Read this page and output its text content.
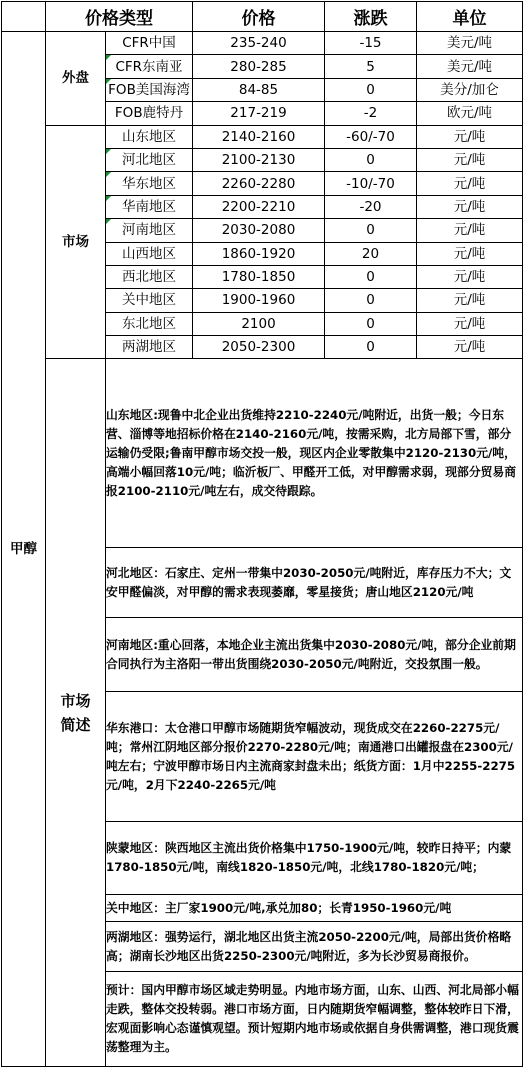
	价格类型		价格	涨跌	单位
甲醇	外盘	CFR中国	235-240	-15	美元/吨

CFR东南亚	280-285	5	美元/吨

FOB美国海湾	84-85	0	美分/加仑
		FOB鹿特丹	217-219	-2	欧元/吨
	市场	山东地区	2140-2160	-60/-70	元/吨

河北地区	2100-2130	0	元/吨

华东地区	2260-2280	-10/-70	元/吨

华南地区	2200-2210	-20	元/吨

河南地区	2030-2080	0	元/吨
		山西地区	1860-1920	20	元/吨
		西北地区	1780-1850	0	元/吨
		关中地区	1900-1960	0	元/吨
		东北地区	2100	0	元/吨
		两湖地区	2050-2300	0	元/吨
	市场简述	山东地区:现鲁中北企业出货维持2210-2240元/吨附近，出货一般；今日东营、淄博等地招标价格在2140-2160元/吨，按需采购，北方局部下雪，部分运输仍受限;鲁南甲醇市场交投一般，现区内企业零散集中2120-2130元/吨，高端小幅回落10元/吨；临沂板厂、甲醛开工低，对甲醇需求弱，现部分贸易商报2100-2110元/吨左右，成交待跟踪。			
		河北地区：石家庄、定州一带集中2030-2050元/吨附近，库存压力不大；文安甲醛偏淡，对甲醇的需求表现萎靡，零星接货；唐山地区2120元/吨			
		河南地区:重心回落，本地企业主流出货集中2030-2080元/吨，部分企业前期合同执行为主洛阳一带出货围绕2030-2050元/吨附近，交投氛围一般。			
		华东港口：太仓港口甲醇市场随期货窄幅波动，现货成交在2260-2275元/吨；常州江阴地区部分报价2270-2280元/吨；南通港口出罐报盘在2300元/吨左右；宁波甲醇市场日内主流商家封盘未出；纸货方面：1月中2255-2275元/吨，2月下2240-2265元/吨			
		陕蒙地区：陕西地区主流出货价格集中1750-1900元/吨，较昨日持平；内蒙1780-1850元/吨，南线1820-1850元/吨，北线1780-1820元/吨；			
		关中地区：主厂家1900元/吨,承兑加80；长青1950-1960元/吨			
		两湖地区：强势运行，湖北地区出货主流2050-2200元/吨，局部出货价格略高；湖南长沙地区出货2250-2300元/吨附近，多为长沙贸易商报价。			
		预计：国内甲醇市场区域走势明显。内地市场方面，山东、山西、河北局部小幅走跌，整体交投转弱。港口市场方面，日内随期货窄幅调整，整体较昨日下滑，宏观面影响心态谨慎观望。预计短期内地市场或依据自身供需调整，港口现货震荡整理为主。			
